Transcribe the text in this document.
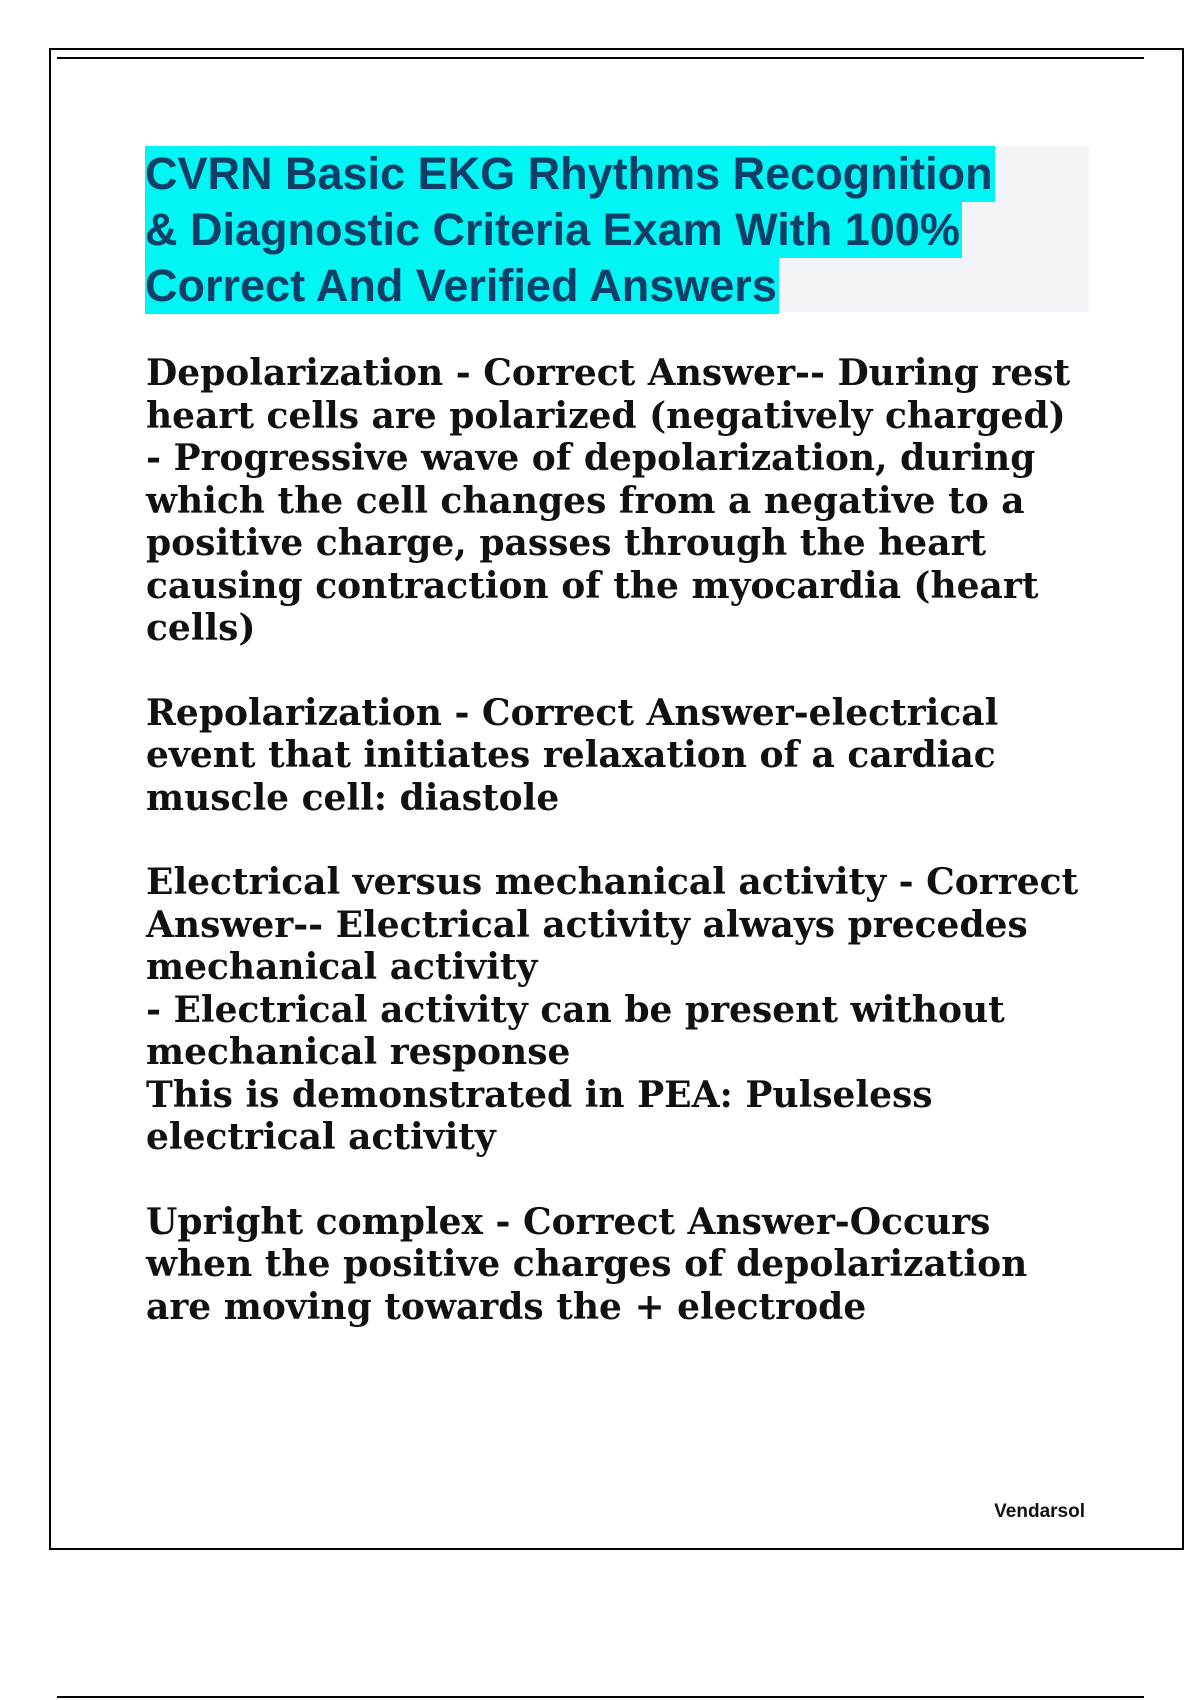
CVRN Basic EKG Rhythms Recognition
& Diagnostic Criteria Exam With 100%
Correct And Verified Answers

Depolarization - Correct Answer-- During rest
heart cells are polarized (negatively charged)
- Progressive wave of depolarization, during
which the cell changes from a negative to a
positive charge, passes through the heart
causing contraction of the myocardia (heart
cells)

Repolarization - Correct Answer-electrical
event that initiates relaxation of a cardiac
muscle cell: diastole

Electrical versus mechanical activity - Correct
Answer-- Electrical activity always precedes
mechanical activity
- Electrical activity can be present without
mechanical response
This is demonstrated in PEA: Pulseless
electrical activity

Upright complex - Correct Answer-Occurs
when the positive charges of depolarization
are moving towards the + electrode

Vendarsol
